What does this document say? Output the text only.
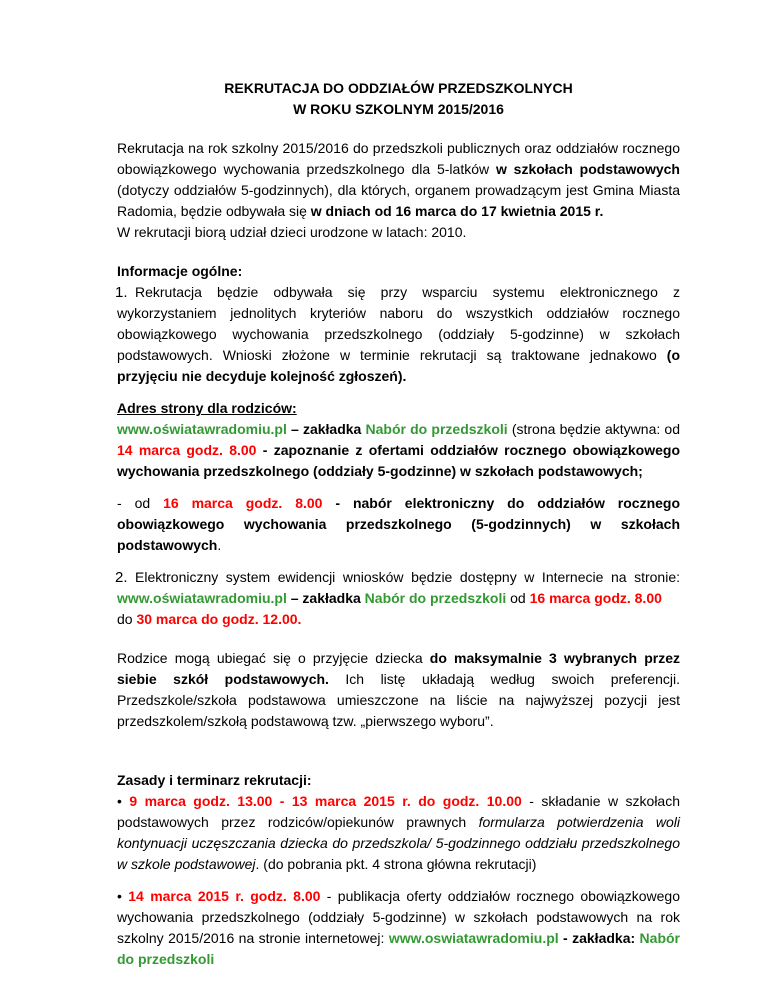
REKRUTACJA DO ODDZIAŁÓW PRZEDSZKOLNYCH
W ROKU SZKOLNYM 2015/2016

Rekrutacja na rok szkolny 2015/2016 do przedszkoli publicznych oraz oddziałów rocznego obowiązkowego wychowania przedszkolnego dla 5-latków w szkołach podstawowych (dotyczy oddziałów 5-godzinnych), dla których, organem prowadzącym jest Gmina Miasta Radomia, będzie odbywała się w dniach od 16 marca do 17 kwietnia 2015 r.

W rekrutacji biorą udział dzieci urodzone w latach: 2010.

Informacje ogólne:

1. Rekrutacja będzie odbywała się przy wsparciu systemu elektronicznego z wykorzystaniem jednolitych kryteriów naboru do wszystkich oddziałów rocznego obowiązkowego wychowania przedszkolnego (oddziały 5-godzinne) w szkołach podstawowych. Wnioski złożone w terminie rekrutacji są traktowane jednakowo (o przyjęciu nie decyduje kolejność zgłoszeń).

Adres strony dla rodziców:

www.oświatawradomiu.pl – zakładka Nabór do przedszkoli (strona będzie aktywna: od 14 marca godz. 8.00 - zapoznanie z ofertami oddziałów rocznego obowiązkowego wychowania przedszkolnego (oddziały 5-godzinne) w szkołach podstawowych;

- od 16 marca godz. 8.00 - nabór elektroniczny do oddziałów rocznego obowiązkowego wychowania przedszkolnego (5-godzinnych) w szkołach podstawowych.

2. Elektroniczny system ewidencji wniosków będzie dostępny w Internecie na stronie: www.oświatawradomiu.pl – zakładka Nabór do przedszkoli od 16 marca godz. 8.00
do 30 marca do godz. 12.00.

Rodzice mogą ubiegać się o przyjęcie dziecka do maksymalnie 3 wybranych przez siebie szkół podstawowych. Ich listę układają według swoich preferencji. Przedszkole/szkoła podstawowa umieszczone na liście na najwyższej pozycji jest przedszkolem/szkołą podstawową tzw. „pierwszego wyboru”.

Zasady i terminarz rekrutacji:

• 9 marca godz. 13.00 - 13 marca 2015 r. do godz. 10.00 - składanie w szkołach podstawowych przez rodziców/opiekunów prawnych formularza potwierdzenia woli kontynuacji uczęszczania dziecka do przedszkola/ 5-godzinnego oddziału przedszkolnego w szkole podstawowej. (do pobrania pkt. 4 strona główna rekrutacji)

• 14 marca 2015 r. godz. 8.00 - publikacja oferty oddziałów rocznego obowiązkowego wychowania przedszkolnego (oddziały 5-godzinne) w szkołach podstawowych na rok szkolny 2015/2016 na stronie internetowej: www.oswiatawradomiu.pl - zakładka: Nabór do przedszkoli
